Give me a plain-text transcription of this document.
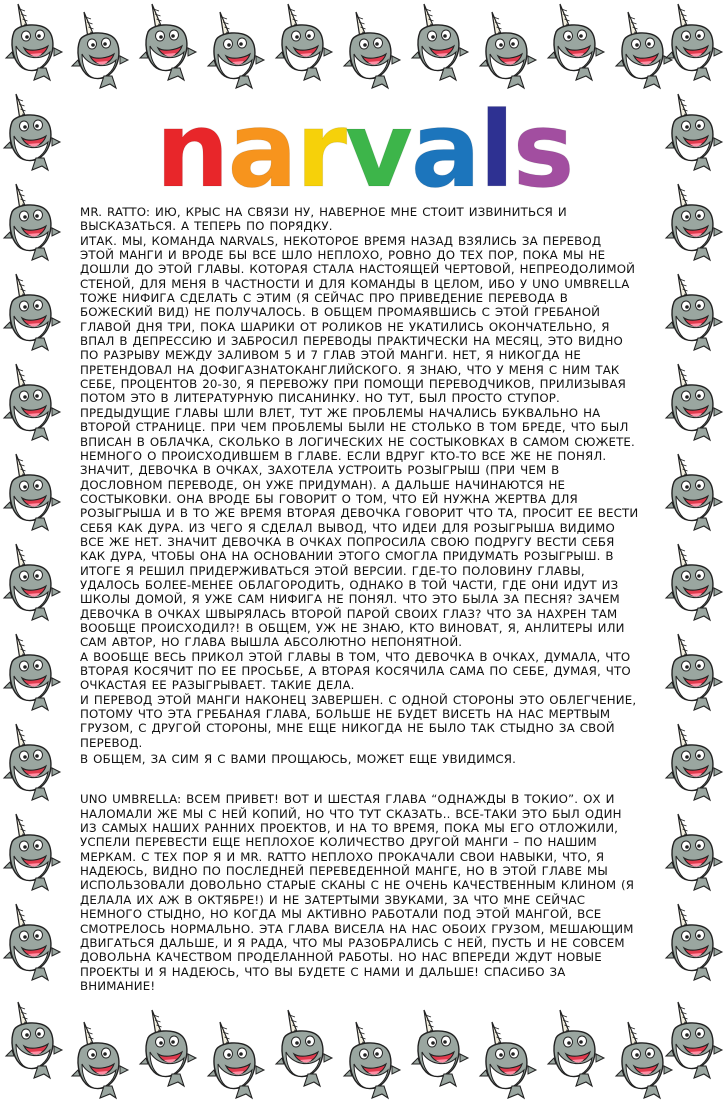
n a r v a l s

MR. RATTO: ИЮ, КРЫС НА СВЯЗИ НУ, НАВЕРНОЕ МНЕ СТОИТ ИЗВИНИТЬСЯ И ВЫСКАЗАТЬСЯ. А ТЕПЕРЬ ПО ПОРЯДКУ.

ИТАК. МЫ, КОМАНДА NARVALS, НЕКОТОРОЕ ВРЕМЯ НАЗАД ВЗЯЛИСЬ ЗА ПЕРЕВОД ЭТОЙ МАНГИ И ВРОДЕ БЫ ВСЕ ШЛО НЕПЛОХО, РОВНО ДО ТЕХ ПОР, ПОКА МЫ НЕ ДОШЛИ ДО ЭТОЙ ГЛАВЫ. КОТОРАЯ СТАЛА НАСТОЯЩЕЙ ЧЕРТОВОЙ, НЕПРЕОДОЛИМОЙ СТЕНОЙ, ДЛЯ МЕНЯ В ЧАСТНОСТИ И ДЛЯ КОМАНДЫ В ЦЕЛОМ, ИБО У UNO UMBRELLA ТОЖЕ НИФИГА СДЕЛАТЬ С ЭТИМ (Я СЕЙЧАС ПРО ПРИВЕДЕНИЕ ПЕРЕВОДА В БОЖЕСКИЙ ВИД) НЕ ПОЛУЧАЛОСЬ. В ОБЩЕМ ПРОМАЯВШИСЬ С ЭТОЙ ГРЕБАНОЙ ГЛАВОЙ ДНЯ ТРИ, ПОКА ШАРИКИ ОТ РОЛИКОВ НЕ УКАТИЛИСЬ ОКОНЧАТЕЛЬНО, Я ВПАЛ В ДЕПРЕССИЮ И ЗАБРОСИЛ ПЕРЕВОДЫ ПРАКТИЧЕСКИ НА МЕСЯЦ, ЭТО ВИДНО ПО РАЗРЫВУ МЕЖДУ ЗАЛИВОМ 5 И 7 ГЛАВ ЭТОЙ МАНГИ. НЕТ, Я НИКОГДА НЕ ПРЕТЕНДОВАЛ НА ДОФИГАЗНАТОКАНГЛИЙСКОГО. Я ЗНАЮ, ЧТО У МЕНЯ С НИМ ТАК СЕБЕ, ПРОЦЕНТОВ 20-30, Я ПЕРЕВОЖУ ПРИ ПОМОЩИ ПЕРЕВОДЧИКОВ, ПРИЛИЗЫВАЯ ПОТОМ ЭТО В ЛИТЕРАТУРНУЮ ПИСАНИНКУ. НО ТУТ, БЫЛ ПРОСТО СТУПОР. ПРЕДЫДУЩИЕ ГЛАВЫ ШЛИ ВЛЕТ, ТУТ ЖЕ ПРОБЛЕМЫ НАЧАЛИСЬ БУКВАЛЬНО НА ВТОРОЙ СТРАНИЦЕ. ПРИ ЧЕМ ПРОБЛЕМЫ БЫЛИ НЕ СТОЛЬКО В ТОМ БРЕДЕ, ЧТО БЫЛ ВПИСАН В ОБЛАЧКА, СКОЛЬКО В ЛОГИЧЕСКИХ НЕ СОСТЫКОВКАХ В САМОМ СЮЖЕТЕ.

НЕМНОГО О ПРОИСХОДИВШЕМ В ГЛАВЕ. ЕСЛИ ВДРУГ КТО-ТО ВСЕ ЖЕ НЕ ПОНЯЛ. ЗНАЧИТ, ДЕВОЧКА В ОЧКАХ, ЗАХОТЕЛА УСТРОИТЬ РОЗЫГРЫШ (ПРИ ЧЕМ В ДОСЛОВНОМ ПЕРЕВОДЕ, ОН УЖЕ ПРИДУМАН). А ДАЛЬШЕ НАЧИНАЮТСЯ НЕ СОСТЫКОВКИ. ОНА ВРОДЕ БЫ ГОВОРИТ О ТОМ, ЧТО ЕЙ НУЖНА ЖЕРТВА ДЛЯ РОЗЫГРЫША И В ТО ЖЕ ВРЕМЯ ВТОРАЯ ДЕВОЧКА ГОВОРИТ ЧТО ТА, ПРОСИТ ЕЕ ВЕСТИ СЕБЯ КАК ДУРА. ИЗ ЧЕГО Я СДЕЛАЛ ВЫВОД, ЧТО ИДЕИ ДЛЯ РОЗЫГРЫША ВИДИМО ВСЕ ЖЕ НЕТ. ЗНАЧИТ ДЕВОЧКА В ОЧКАХ ПОПРОСИЛА СВОЮ ПОДРУГУ ВЕСТИ СЕБЯ КАК ДУРА, ЧТОБЫ ОНА НА ОСНОВАНИИ ЭТОГО СМОГЛА ПРИДУМАТЬ РОЗЫГРЫШ. В ИТОГЕ Я РЕШИЛ ПРИДЕРЖИВАТЬСЯ ЭТОЙ ВЕРСИИ. ГДЕ-ТО ПОЛОВИНУ ГЛАВЫ, УДАЛОСЬ БОЛЕЕ-МЕНЕЕ ОБЛАГОРОДИТЬ, ОДНАКО В ТОЙ ЧАСТИ, ГДЕ ОНИ ИДУТ ИЗ ШКОЛЫ ДОМОЙ, Я УЖЕ САМ НИФИГА НЕ ПОНЯЛ. ЧТО ЭТО БЫЛА ЗА ПЕСНЯ? ЗАЧЕМ ДЕВОЧКА В ОЧКАХ ШВЫРЯЛАСЬ ВТОРОЙ ПАРОЙ СВОИХ ГЛАЗ? ЧТО ЗА НАХРЕН ТАМ ВООБЩЕ ПРОИСХОДИЛ?! В ОБЩЕМ, УЖ НЕ ЗНАЮ, КТО ВИНОВАТ, Я, АНЛИТЕРЫ ИЛИ САМ АВТОР, НО ГЛАВА ВЫШЛА АБСОЛЮТНО НЕПОНЯТНОЙ.

А ВООБЩЕ ВЕСЬ ПРИКОЛ ЭТОЙ ГЛАВЫ В ТОМ, ЧТО ДЕВОЧКА В ОЧКАХ, ДУМАЛА, ЧТО ВТОРАЯ КОСЯЧИТ ПО ЕЕ ПРОСЬБЕ, А ВТОРАЯ КОСЯЧИЛА САМА ПО СЕБЕ, ДУМАЯ, ЧТО ОЧКАСТАЯ ЕЕ РАЗЫГРЫВАЕТ. ТАКИЕ ДЕЛА.

И ПЕРЕВОД ЭТОЙ МАНГИ НАКОНЕЦ ЗАВЕРШЕН. С ОДНОЙ СТОРОНЫ ЭТО ОБЛЕГЧЕНИЕ, ПОТОМУ ЧТО ЭТА ГРЕБАНАЯ ГЛАВА, БОЛЬШЕ НЕ БУДЕТ ВИСЕТЬ НА НАС МЕРТВЫМ ГРУЗОМ, С ДРУГОЙ СТОРОНЫ, МНЕ ЕЩЕ НИКОГДА НЕ БЫЛО ТАК СТЫДНО ЗА СВОЙ ПЕРЕВОД.

В ОБЩЕМ, ЗА СИМ Я С ВАМИ ПРОЩАЮСЬ, МОЖЕТ ЕЩЕ УВИДИМСЯ.

UNO UMBRELLA: ВСЕМ ПРИВЕТ! ВОТ И ШЕСТАЯ ГЛАВА “ОДНАЖДЫ В ТОКИО”. ОХ И НАЛОМАЛИ ЖЕ МЫ С НЕЙ КОПИЙ, НО ЧТО ТУТ СКАЗАТЬ.. ВСЕ-ТАКИ ЭТО БЫЛ ОДИН ИЗ САМЫХ НАШИХ РАННИХ ПРОЕКТОВ, И НА ТО ВРЕМЯ, ПОКА МЫ ЕГО ОТЛОЖИЛИ, УСПЕЛИ ПЕРЕВЕСТИ ЕЩЕ НЕПЛОХОЕ КОЛИЧЕСТВО ДРУГОЙ МАНГИ – ПО НАШИМ МЕРКАМ. С ТЕХ ПОР Я И MR. RATTO НЕПЛОХО ПРОКАЧАЛИ СВОИ НАВЫКИ, ЧТО, Я НАДЕЮСЬ, ВИДНО ПО ПОСЛЕДНЕЙ ПЕРЕВЕДЕННОЙ МАНГЕ, НО В ЭТОЙ ГЛАВЕ МЫ ИСПОЛЬЗОВАЛИ ДОВОЛЬНО СТАРЫЕ СКАНЫ С НЕ ОЧЕНЬ КАЧЕСТВЕННЫМ КЛИНОМ (Я ДЕЛАЛА ИХ АЖ В ОКТЯБРЕ!) И НЕ ЗАТЕРТЫМИ ЗВУКАМИ, ЗА ЧТО МНЕ СЕЙЧАС НЕМНОГО СТЫДНО, НО КОГДА МЫ АКТИВНО РАБОТАЛИ ПОД ЭТОЙ МАНГОЙ, ВСЕ СМОТРЕЛОСЬ НОРМАЛЬНО. ЭТА ГЛАВА ВИСЕЛА НА НАС ОБОИХ ГРУЗОМ, МЕШАЮЩИМ ДВИГАТЬСЯ ДАЛЬШЕ, И Я РАДА, ЧТО МЫ РАЗОБРАЛИСЬ С НЕЙ, ПУСТЬ И НЕ СОВСЕМ ДОВОЛЬНА КАЧЕСТВОМ ПРОДЕЛАННОЙ РАБОТЫ. НО НАС ВПЕРЕДИ ЖДУТ НОВЫЕ ПРОЕКТЫ И Я НАДЕЮСЬ, ЧТО ВЫ БУДЕТЕ С НАМИ И ДАЛЬШЕ! СПАСИБО ЗА ВНИМАНИЕ!
